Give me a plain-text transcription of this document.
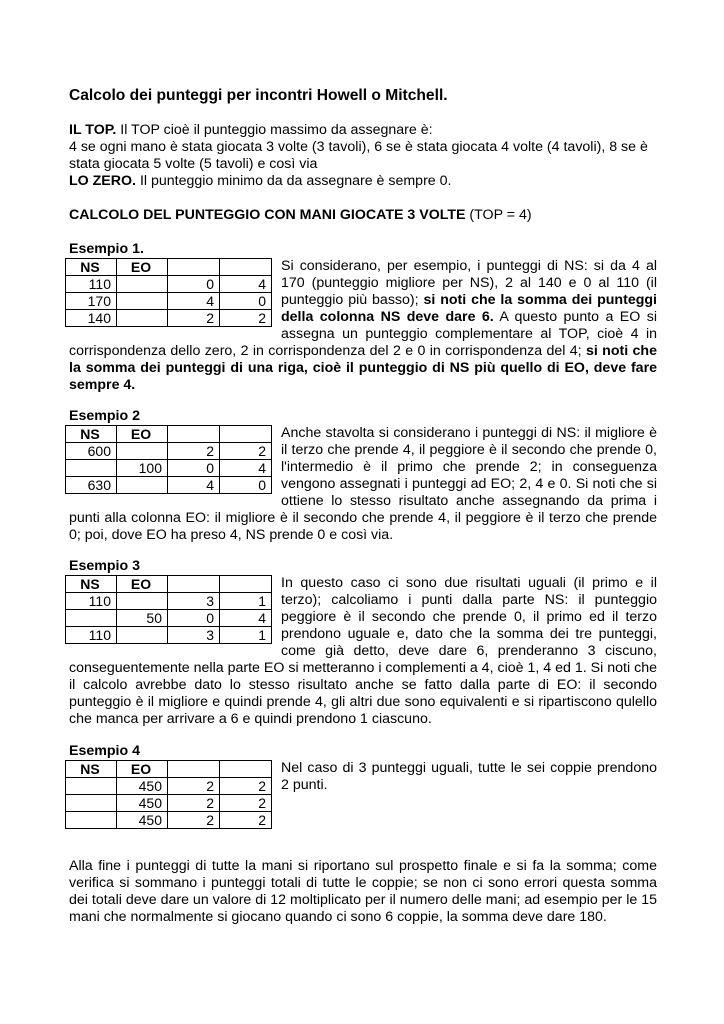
Calcolo dei punteggi per incontri Howell o Mitchell.

IL TOP. Il TOP cioè il punteggio massimo da assegnare è:

4 se ogni mano è stata giocata 3 volte (3 tavoli), 6 se è stata giocata 4 volte (4 tavoli), 8 se è stata giocata 5 volte (5 tavoli) e così via

LO ZERO. Il punteggio minimo da da assegnare è sempre 0.

CALCOLO DEL PUNTEGGIO CON MANI GIOCATE 3 VOLTE (TOP = 4)
Esempio 1.
NS	EO		
110		0	4
170		4	0
140		2	2

Si considerano, per esempio, i punteggi di NS: si da 4 al 170 (punteggio migliore per NS), 2 al 140 e 0 al 110 (il punteggio più basso); si noti che la somma dei punteggi della colonna NS deve dare 6. A questo punto a EO si assegna un punteggio complementare al TOP, cioè 4 in corrispondenza dello zero, 2 in corrispondenza del 2 e 0 in corrispondenza del 4; si noti che la somma dei punteggi di una riga, cioè il punteggio di NS più quello di EO, deve fare sempre 4.

Esempio 2
NS	EO		
600		2	2
	100	0	4
630		4	0

Anche stavolta si considerano i punteggi di NS: il migliore è il terzo che prende 4, il peggiore è il secondo che prende 0, l'intermedio è il primo che prende 2; in conseguenza vengono assegnati i punteggi ad EO; 2, 4 e 0. Si noti che si ottiene lo stesso risultato anche assegnando da prima i punti alla colonna EO: il migliore è il secondo che prende 4, il peggiore è il terzo che prende 0; poi, dove EO ha preso 4, NS prende 0 e così via.

Esempio 3
NS	EO		
110		3	1
	50	0	4
110		3	1

In questo caso ci sono due risultati uguali (il primo e il terzo); calcoliamo i punti dalla parte NS: il punteggio peggiore è il secondo che prende 0, il primo ed il terzo prendono uguale e, dato che la somma dei tre punteggi, come già detto, deve dare 6, prenderanno 3 ciscuno, conseguentemente nella parte EO si metteranno i complementi a 4, cioè 1, 4 ed 1. Si noti che il calcolo avrebbe dato lo stesso risultato anche se fatto dalla parte di EO: il secondo punteggio è il migliore e quindi prende 4, gli altri due sono equivalenti e si ripartiscono qulello che manca per arrivare a 6 e quindi prendono 1 ciascuno.

Esempio 4
NS	EO		
	450	2	2
	450	2	2
	450	2	2

Nel caso di 3 punteggi uguali, tutte le sei coppie prendono 2 punti.

Alla fine i punteggi di tutte la mani si riportano sul prospetto finale e si fa la somma; come verifica si sommano i punteggi totali di tutte le coppie; se non ci sono errori questa somma dei totali deve dare un valore di 12 moltiplicato per il numero delle mani; ad esempio per le 15 mani che normalmente si giocano quando ci sono 6 coppie, la somma deve dare 180.
